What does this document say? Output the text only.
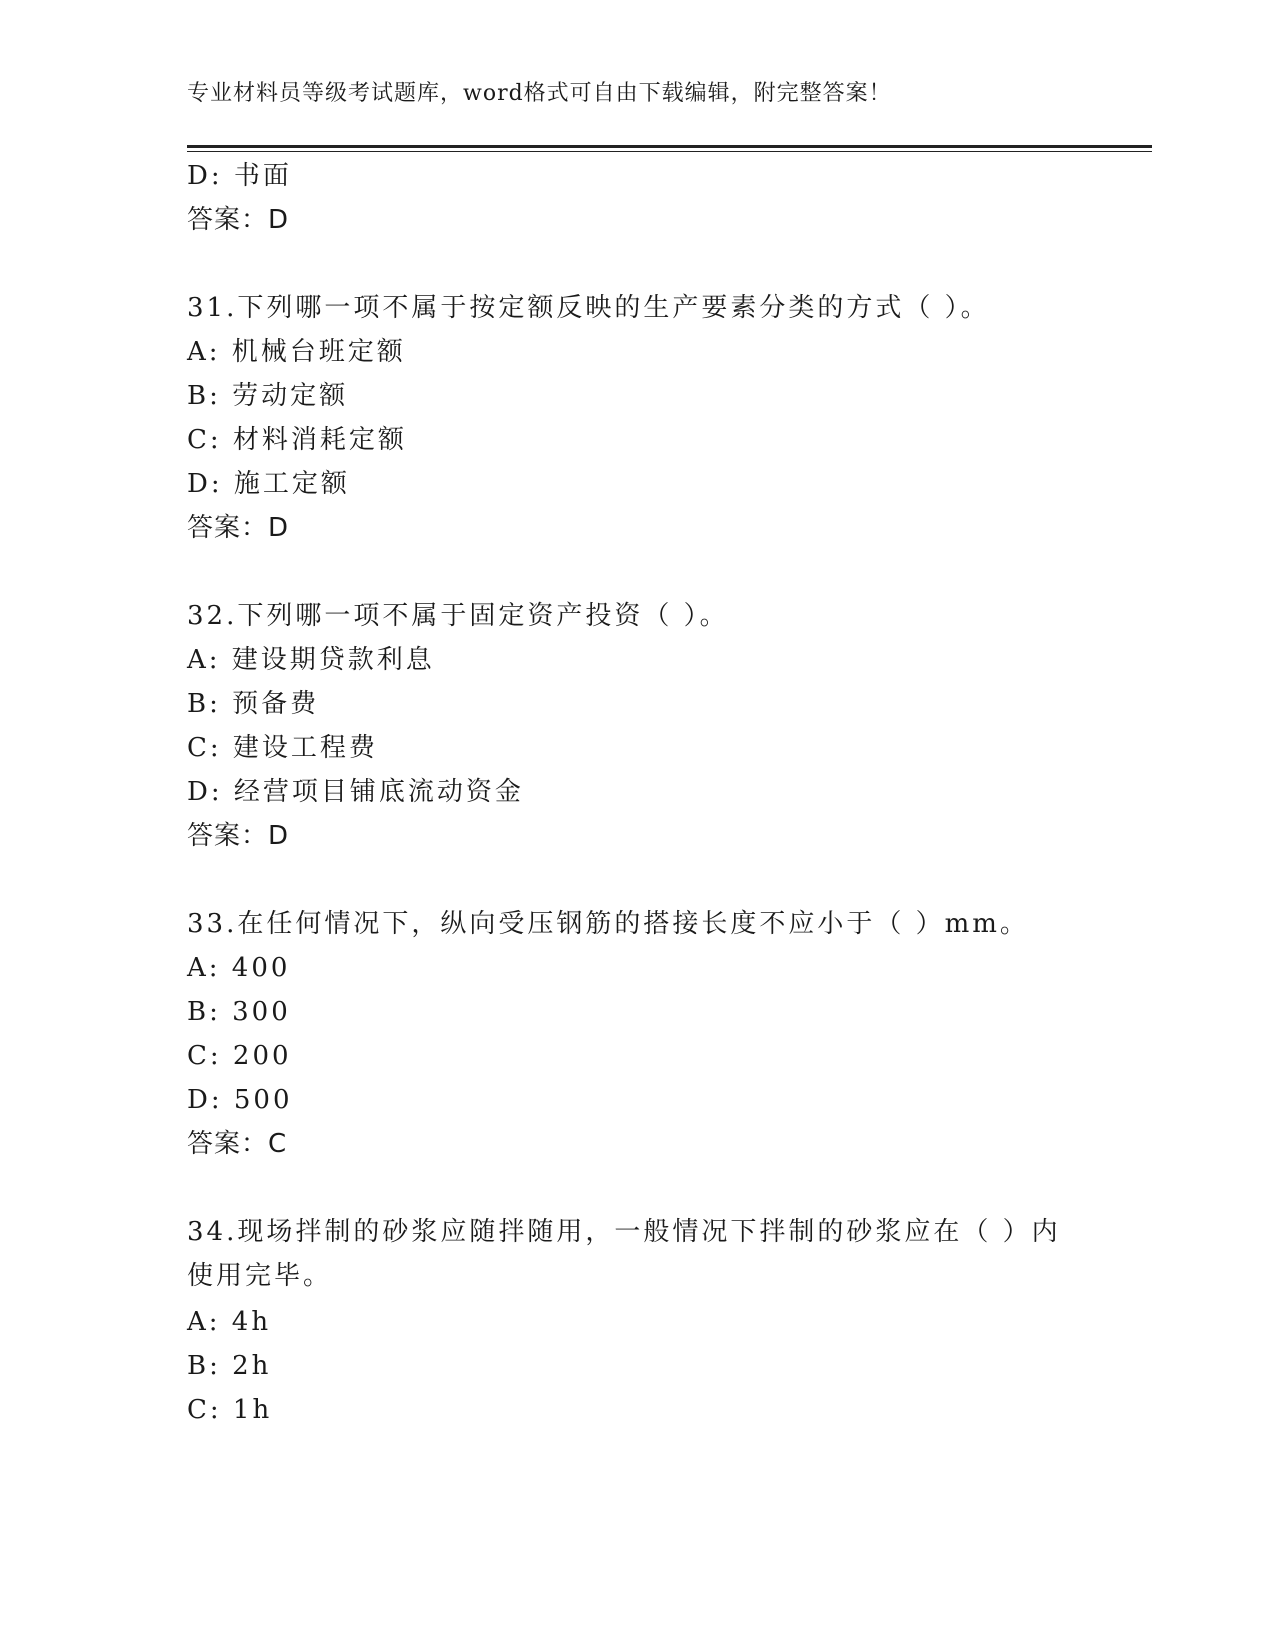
专业材料员等级考试题库，word格式可自由下载编辑，附完整答案！
D: 书面
答案：D
31.下列哪一项不属于按定额反映的生产要素分类的方式（ ）。
A: 机械台班定额
B: 劳动定额
C: 材料消耗定额
D: 施工定额
答案：D
32.下列哪一项不属于固定资产投资（ ）。
A: 建设期贷款利息
B: 预备费
C: 建设工程费
D: 经营项目铺底流动资金
答案：D
33.在任何情况下，纵向受压钢筋的搭接长度不应小于（ ）mm。
A: 400
B: 300
C: 200
D: 500
答案：C
34.现场拌制的砂浆应随拌随用，一般情况下拌制的砂浆应在（ ）内
使用完毕。
A: 4h
B: 2h
C: 1h
